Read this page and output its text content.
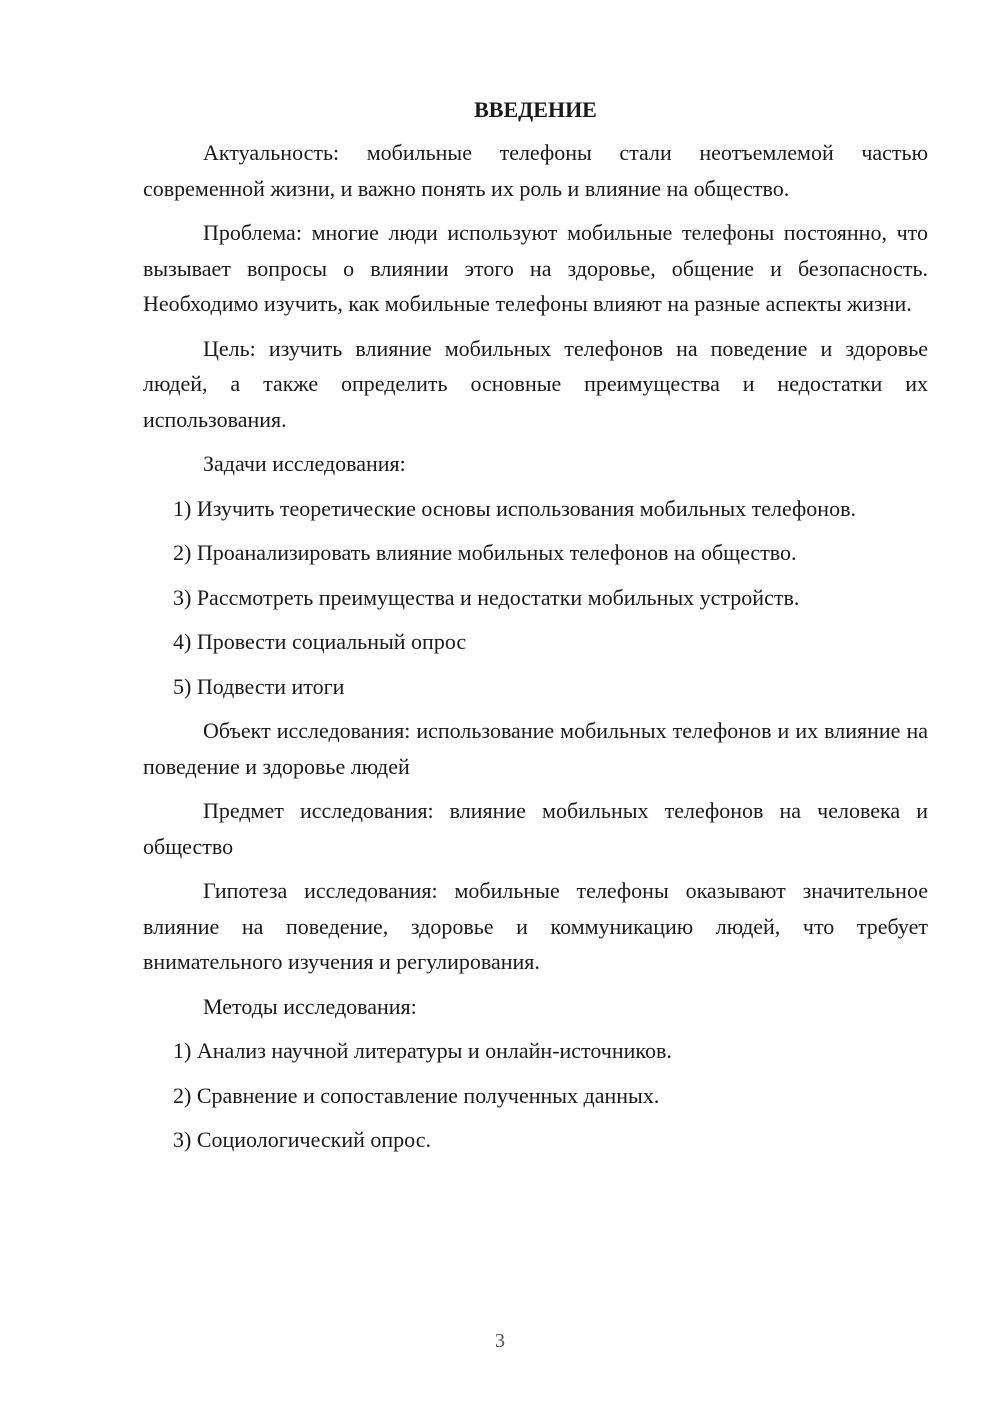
ВВЕДЕНИЕ

Актуальность: мобильные телефоны стали неотъемлемой частью современной жизни, и важно понять их роль и влияние на общество.

Проблема: многие люди используют мобильные телефоны постоянно, что вызывает вопросы о влиянии этого на здоровье, общение и безопасность. Необходимо изучить, как мобильные телефоны влияют на разные аспекты жизни.

Цель: изучить влияние мобильных телефонов на поведение и здоровье людей, а также определить основные преимущества и недостатки их использования.

Задачи исследования:

1) Изучить теоретические основы использования мобильных телефонов.

2) Проанализировать влияние мобильных телефонов на общество.

3) Рассмотреть преимущества и недостатки мобильных устройств.

4) Провести социальный опрос

5) Подвести итоги

Объект исследования: использование мобильных телефонов и их влияние на поведение и здоровье людей

Предмет исследования: влияние мобильных телефонов на человека и общество

Гипотеза исследования: мобильные телефоны оказывают значительное влияние на поведение, здоровье и коммуникацию людей, что требует внимательного изучения и регулирования.

Методы исследования:

1) Анализ научной литературы и онлайн-источников.

2) Сравнение и сопоставление полученных данных.

3) Социологический опрос.

3
